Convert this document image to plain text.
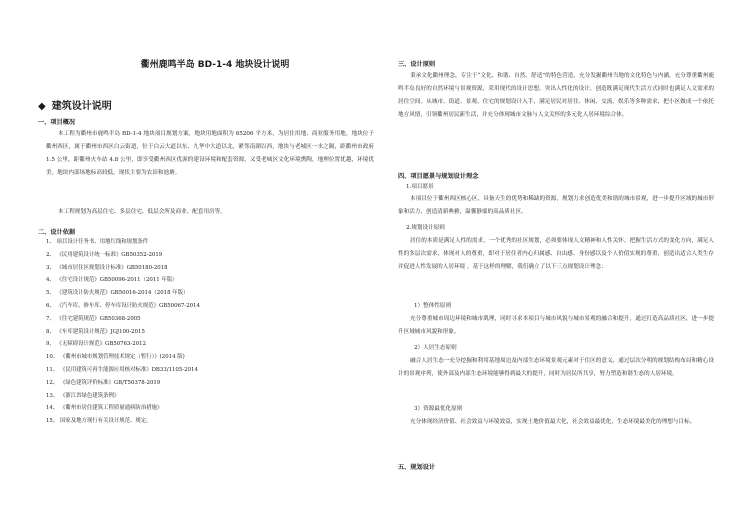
衢州鹿鸣半岛 BD-1-4 地块设计说明
◆ 建筑设计说明
一、项目概况

本工程为衢州市鹿鸣半岛 BD-1-4 地块项目规划方案，地块用地面积为 65206 平方米，为居住用地、商业服务用地。地块位于衢州西区，属于衢州市西区白云街道，位于白云大道以东、九华中大道以北，紧邻南湖以西，地块与老城区一水之隔，距衢州市政府 1.5 公里，距衢州火车站 4.8 公里，即享受衢州西区优渥的建设环境和配套资源，又受老城区文化环境熏陶，地理位置优越，环境优美。地块内部场地标高较低，现状主要为农田和池塘。

本工程规划为高层住宅、多层住宅、低层会所及商业、配套用房等。

二、设计依据
1、 项目设计任务书、用地红线和规划条件
2、 《民用建筑设计统一标准》GB50352-2019
3、 《城市居住区规划设计标准》GB50180-2018
4、 《住宅设计规范》GB50096-2011（2011 年版）
5、 《建筑设计防火规范》GB50016-2014（2018 年版）
6、 《汽车库、修车库、停车库设计防火规范》GB50067-2014
7、 《住宅建筑规范》GB50368-2005
8、 《车库建筑设计规范》JGJ100-2015
9、 《无障碍设计规范》GB50763-2012
10、 《衢州市城市规划管理技术规定（暂行）》(2014 版)
11、 《民用建筑可再生能源应用核对标准》DB33/1105-2014
12、 《绿色建筑评价标准》GB/T50378-2019
13、 《浙江省绿色建筑条例》
14、 《衢州市居住建筑工程质量通病防治措施》
15、 国家及地方现行有关设计规范、规定。
三、设计原则

秉承文化衢州理念，专注于“文化、和谐、自然、舒适”的特色营造，充分发掘衢州当地的文化特色与内涵，充分尊重衢州鹿鸣半岛良好的自然环境与景观资源，采用现代的设计思想，突出人性化的设计，创造既满足现代生活方式同时也满足人文需求的居住空间。从城市、街道、景观、住宅的规划设计入手，满足居民对居住、休闲、交流、娱乐等多种需求，把小区做成一个依托地方风情，引领衢州居民新生活，并充分体现城市文脉与人文关怀的多元化人居环境综合体。

四、项目愿景与规划设计理念
1.项目愿景

本项目位于衢州西区核心区，具备天生的优势和稀缺的资源，规划力求创造优美和谐的城市景观，进一步提升区域的城市形象和活力，创造清新典雅，温馨静谧的高品质社区。

2.规划设计原则

居住的本质是满足人性的需求，一个优秀的社区规划，必须要体现人文精神和人性关怀，把握生活方式的变化方向，满足人性的多层次需求，体现对人的尊重，即对于居住者内心归属感、自由感、身份感以及个人价值实现的尊重，创造出适合人类生存并促进人性发展的人居环境 。基于这样的理解，我们确立了以下三点规划设计理念：

1）整体性原则

充分尊重城市周边环境和城市肌理，同时寻求本项目与城市风貌与城市景观的融合和提升，通过打造高品质社区，进一步提升区域城市风貌和形象。

2）人居生态原则

融合人居生态一充分挖掘和利用基地周边及内部生态环境景观元素对于住区的意义，通过层次分明的规划结构布局和精心设计的景观序列，使外部及内部生态环境能够得到最大的提升，同时为居民所共享，努力塑造和谐生态的人居环境。

3）资源最优化原则

充分体现经济价值、社会效益与环境效益，实现土地价值最大化，社会效益最优化，生态环境最美化的理想与目标。

五、规划设计
